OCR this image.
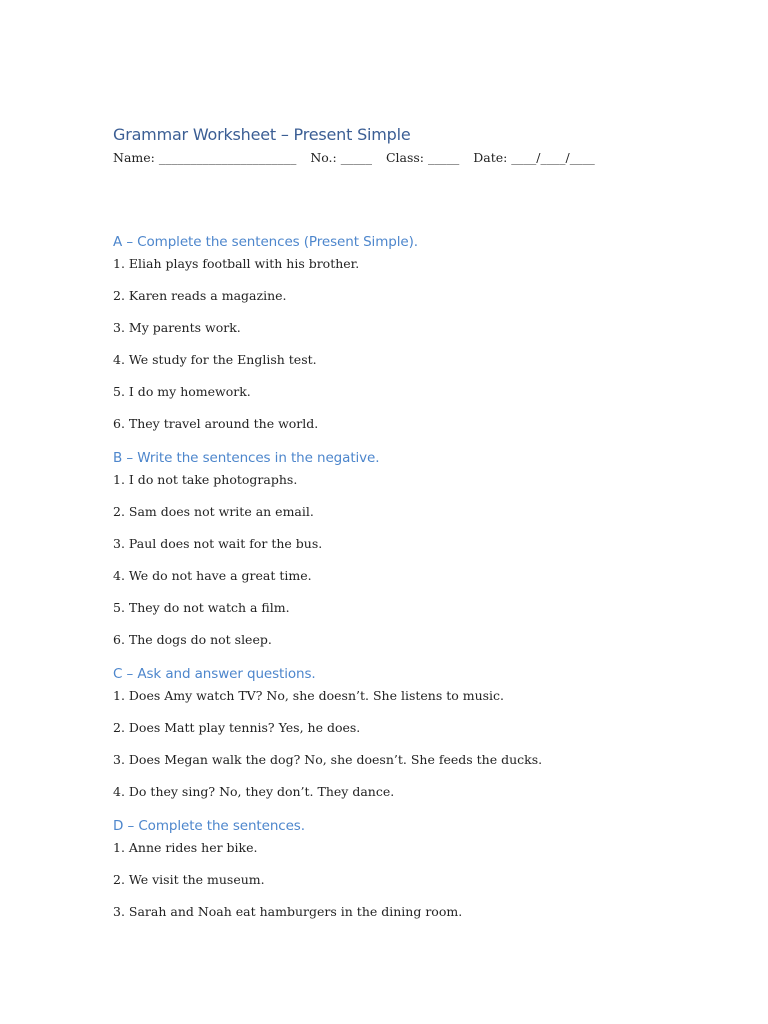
Grammar Worksheet – Present Simple
Name: ______________________ No.: _____ Class: _____ Date: ____/____/____
A – Complete the sentences (Present Simple).

1. Eliah plays football with his brother.

2. Karen reads a magazine.

3. My parents work.

4. We study for the English test.

5. I do my homework.

6. They travel around the world.

B – Write the sentences in the negative.

1. I do not take photographs.

2. Sam does not write an email.

3. Paul does not wait for the bus.

4. We do not have a great time.

5. They do not watch a film.

6. The dogs do not sleep.

C – Ask and answer questions.

1. Does Amy watch TV? No, she doesn’t. She listens to music.

2. Does Matt play tennis? Yes, he does.

3. Does Megan walk the dog? No, she doesn’t. She feeds the ducks.

4. Do they sing? No, they don’t. They dance.

D – Complete the sentences.

1. Anne rides her bike.

2. We visit the museum.

3. Sarah and Noah eat hamburgers in the dining room.
